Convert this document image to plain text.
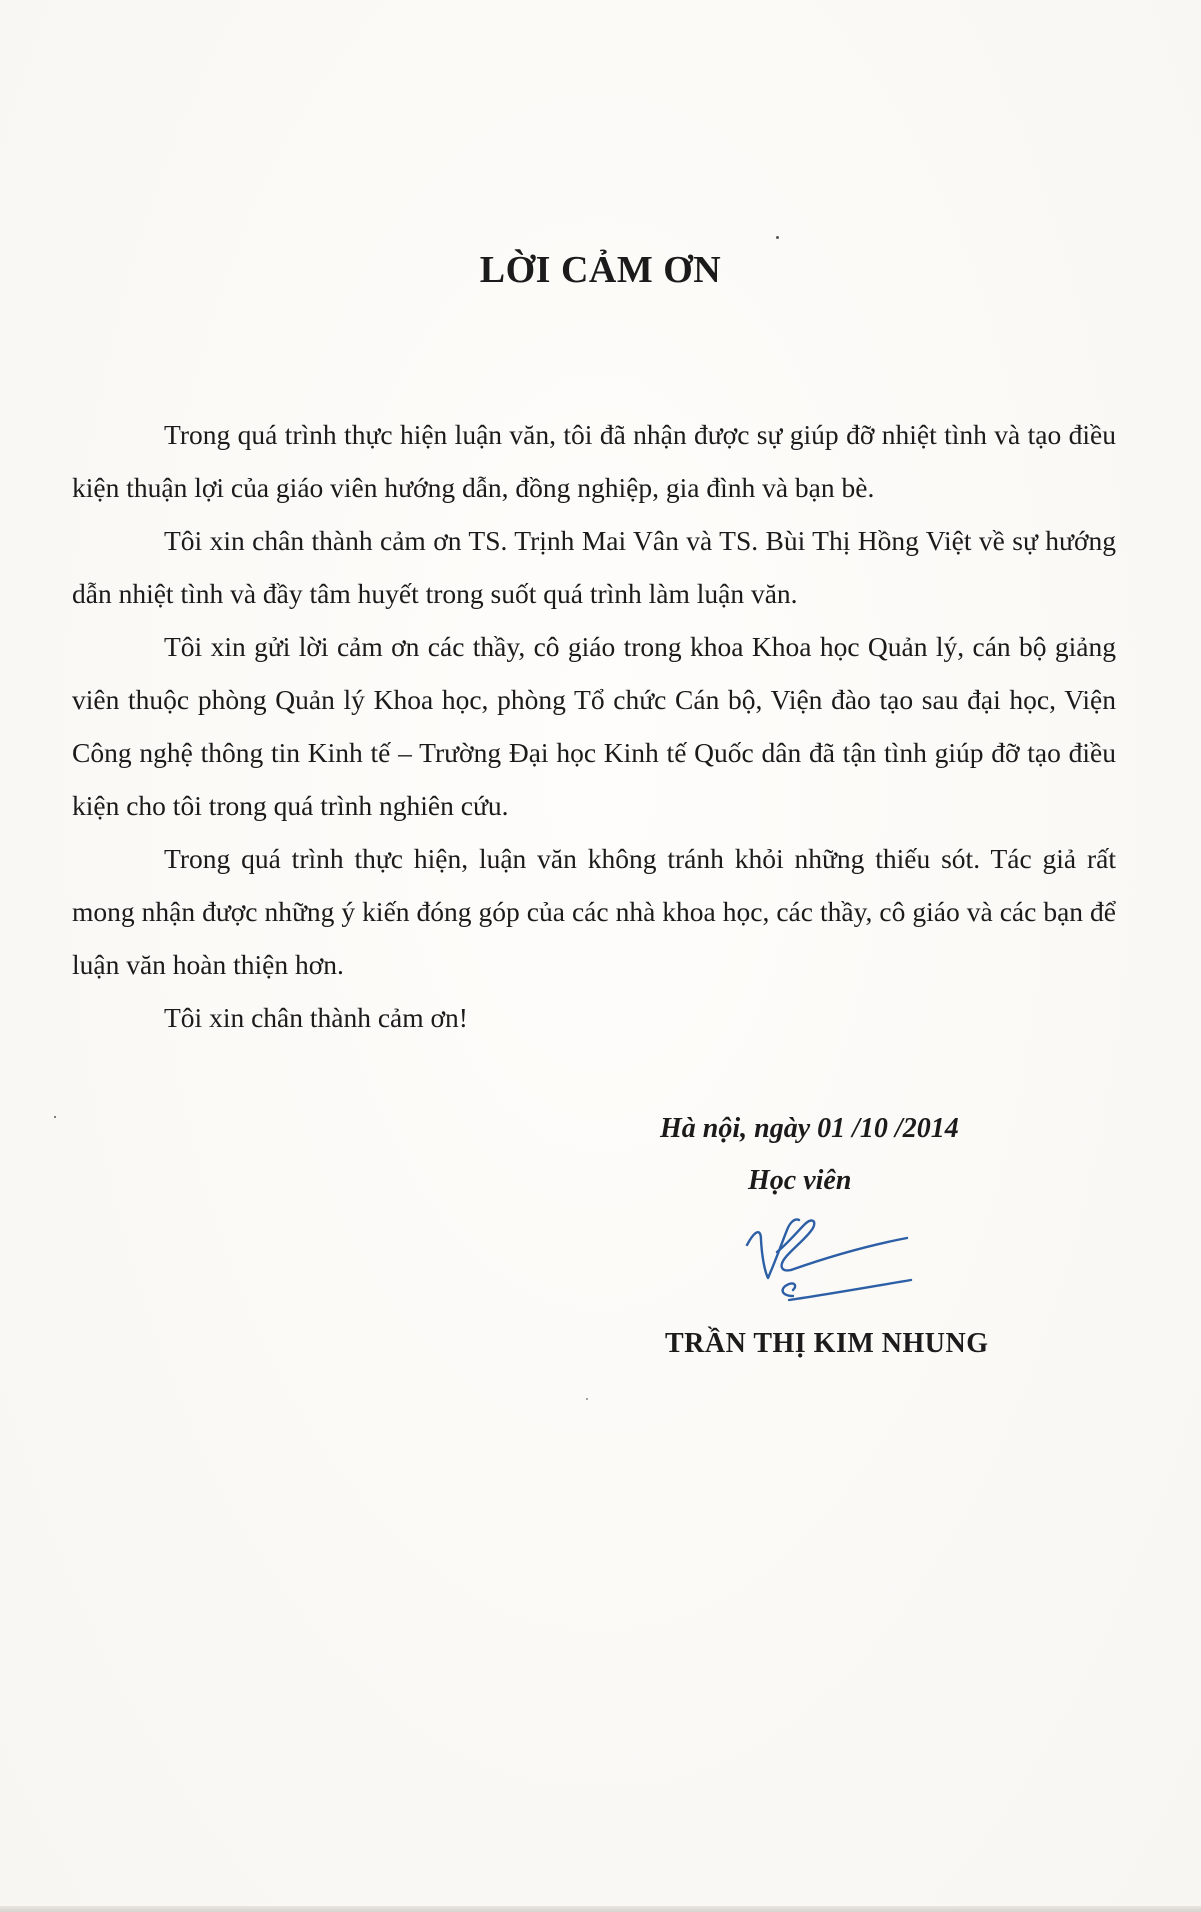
LỜI CẢM ƠN

Trong quá trình thực hiện luận văn, tôi đã nhận được sự giúp đỡ nhiệt tình và tạo điều kiện thuận lợi của giáo viên hướng dẫn, đồng nghiệp, gia đình và bạn bè.

Tôi xin chân thành cảm ơn TS. Trịnh Mai Vân và TS. Bùi Thị Hồng Việt về sự hướng dẫn nhiệt tình và đầy tâm huyết trong suốt quá trình làm luận văn.

Tôi xin gửi lời cảm ơn các thầy, cô giáo trong khoa Khoa học Quản lý, cán bộ giảng viên thuộc phòng Quản lý Khoa học, phòng Tổ chức Cán bộ, Viện đào tạo sau đại học, Viện Công nghệ thông tin Kinh tế – Trường Đại học Kinh tế Quốc dân đã tận tình giúp đỡ tạo điều kiện cho tôi trong quá trình nghiên cứu.

Trong quá trình thực hiện, luận văn không tránh khỏi những thiếu sót. Tác giả rất mong nhận được những ý kiến đóng góp của các nhà khoa học, các thầy, cô giáo và các bạn để luận văn hoàn thiện hơn.

Tôi xin chân thành cảm ơn!

Hà nội, ngày 01 /10 /2014
Học viên
TRẦN THỊ KIM NHUNG
